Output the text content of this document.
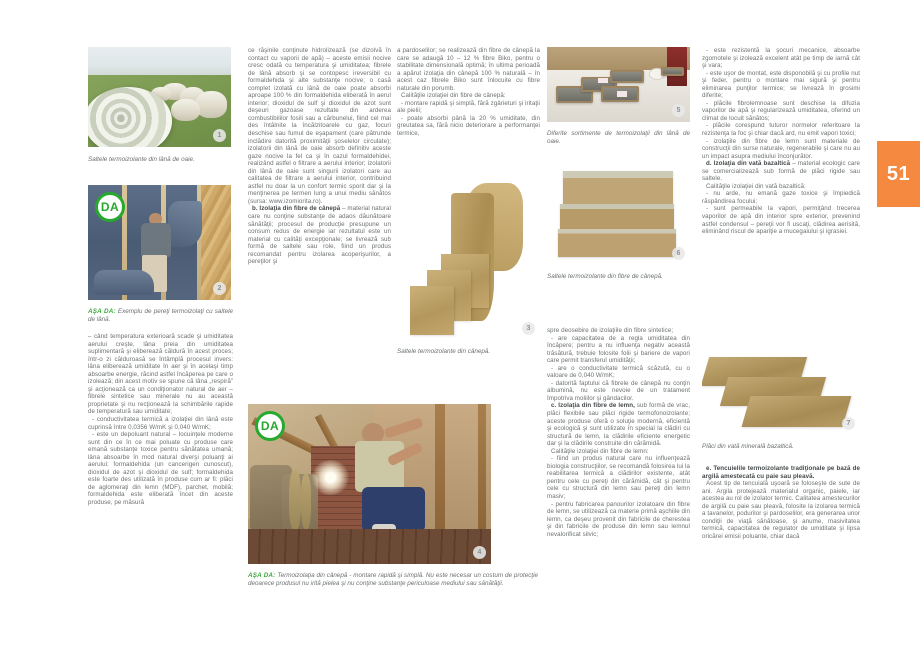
51
1
Saltele termoizolante din lână de oaie.
DA
2
AŞA DA: Exemplu de pereţi termoizolaţi cu saltele de lână.

– când temperatura exterioară scade şi umiditatea aerului creşte, lâna preia din umiditatea suplimentară şi eliberează căldură în acest proces; într-o zi călduroasă se întâmplă procesul invers: lâna eliberează umiditate în aer şi în acelaşi timp absoarbe energie, răcind astfel încăperea pe care o izolează; din acest motiv se spune că lâna „respiră” şi acţionează ca un condiţionator natural de aer – fibrele sintetice sau minerale nu au această proprietate şi nu recţionează la schimbările rapide de temperatură sau umiditate;

- conductivitatea termică a izolaţiei din lână este cuprinsă între 0,0356 W/mK şi 0,040 W/mK;

- este un depoluant natural – locuinţele moderne sunt din ce în ce mai poluate cu produse care emană substanţe toxice pentru sănătatea umană; lâna absoarbe în mod natural diverşi poluanţi ai aerului: formaldehida (un cancerigen cunoscut), dioxidul de azot şi dioxidul de sulf; formaldehida este foarte des utilizată în produse cum ar fi: plăci de aglomeraţi din lemn (MDF), parchet, mobilă; formaldehida este eliberată încet din aceste produse, pe măsură

ce răşinile conţinute hidrolizează (se dizolvă în contact cu vaporii de apă) – aceste emisii nocive cresc odată cu temperatura şi umiditatea; fibrele de lână absorb şi se contopesc ireversibil cu formaldehida şi alte substanţe nocive; o casă complet izolată cu lână de oaie poate absorbi aproape 100 % din formaldehida eliberată în aerul interior; dioxidul de sulf şi dioxidul de azot sunt deşeuri gazoase rezultate din arderea combustibililor fosili sau a cărbunelui, fiind cel mai des întâlnite la încălzitoarele cu gaz, focuri deschise sau fumul de eşapament (care pătrunde inclădire datorită proximităţii şoselelor circulate); izolatorii din lână de oaie absorb definitiv aceste gaze nocive la fel ca şi în cazul formaldehidei, realizând astfel o filtrare a aerului interior; izolatorii din lână de oaie sunt singurii izolatori care au calitatea de filtrare a aerului interior, contribuind astfel nu doar la un confort termic sporit dar şi la menţinerea pe termen lung a unui mediu sănătos (sursa: www.izomiorita.ro).

b. Izolaţia din fibre de cânepă – material natural care nu conţine substanţe de adaos dăunătoare sănătăţii; procesul de producţie presupune un consum redus de energie iar rezultatul este un material cu calităţi excepţionale; se livrează sub formă de saltele sau role, fiind un produs recomandat pentru izolarea acoperişurilor, a pereţilor şi

DA
4
AŞA DA: Termoizolaţia din cânepă - montare rapidă şi simplă. Nu este necesar un costum de protecţie deoarece produsul nu irită pielea şi nu conţine substanţe periculoase mediului sau sănătăţii.

a pardoselilor; se realizează din fibre de cânepă la care se adaugă 10 – 12 % fibre Biko, pentru o stabilitate dimensională optimă; în ultima perioadă a apărut izolaţia din cânepă 100 % naturală – în acest caz fibrele Biko sunt înlocuite cu fibre naturale din porumb.

Calităţile izolaţiei din fibre de cânepă:

- montare rapidă şi simplă, fără zgârieturi şi iritaţii ale pielii;

- poate absorbi până la 20 % umiditate, din greutatea sa, fără nicio deteriorare a performanţei termice,

3
Saltele termoizolante din cânepă.
5
Diferite sortimente de termoizolaţii din lână de oaie.
6
Saltele termoizolante din fibre de cânepă.

spre deosebire de izolaţiile din fibre sintetice;

- are capacitatea de a regla umiditatea din încăpere; pentru a nu influenţa negativ această trăsătură, trebuie folosite folii şi bariere de vapori care permit transferul umidităţii;

- are o conductivitate termică scăzută, cu o valoare de 0,040 W/mK;

- datorită faptului că fibrele de cânepă nu conţin albumină, nu este nevoie de un tratament împotriva moliilor şi gândacilor.

c. Izolaţia din fibre de lemn, sub formă de vrac, plăci flexibile sau plăci rigide termofonoizolante; aceste produse oferă o soluţie modernă, eficientă şi ecologică şi sunt utilizate în special la clădiri cu structură de lemn, la clădirile eficiente energetic dar şi la clădirile construite din cărămidă.

Calităţile izolaţiei din fibre de lemn:

- fiind un produs natural care nu influenţează biologia construcţiilor, se recomandă folosirea lui la reabilitarea termică a clădirilor existente, atât pentru cele cu pereţi din cărămidă, cât şi pentru cele cu structură din lemn sau pereţi din lemn masiv;

- pentru fabricarea panourilor izolatoare din fibre de lemn, se utilizează ca materie primă aşchiile din lemn, ca deşeu provenit din fabricile de cherestea şi din fabricile de produse din lemn sau lemnul nevalorificat silvic;

- este rezistentă la şocuri mecanice, absoarbe zgomotele şi izolează excelent atât pe timp de iarnă cât şi vara;

- este uşor de montat, este disponobilă şi cu profile nut şi feder, pentru o montare mai sigură şi pentru eliminarea punţilor termice; se livrează în grosimi diferite;

- plăcile fibrolemnoase sunt deschise la difuzia vaporilor de apă şi regularizează umiditatea, oferind un climat de locuit sănătos;

- plăcile corespund tuturor normelor referitoare la rezistenţa la foc şi chiar dacă ard, nu emit vapori toxici;

- izolaţiile din fibre de lemn sunt materiale de construcţii din surse naturale, regenerabile şi care nu au un impact asupra mediului înconjurător.

d. Izolaţia din vată bazaltică – material ecologic care se comercializează sub formă de plăci rigide sau saltele.

Calităţile izolaţiei din vată bazaltică:

- nu arde, nu emană gaze toxice şi împiedică răspândirea focului;

- sunt permeabile la vapori, permiţând trecerea vaporilor de apă din interior spre exterior, prevenind astfel condensul – pereţii vor fi uscaţi, clădirea aerisită, eliminând riscul de apariţie a mucegaiului şi igrasiei.

7
Plăci din vată minerală bazaltică.

e. Tencuielile termoizolante tradiţionale pe bază de argilă amestecată cu paie sau pleavă.

Acest tip de tencuială uşoară se foloseşte de sute de ani. Argila protejează materialul organic, paiele, iar acestea au rol de izolator termic. Calitatea amestecurilor de argilă cu paie sau pleavă, folosite la izolarea termică a tavanelor, podurilor şi pardoselilor, era generarea unor condiţii de viaţă sănătoase, şi anume, masivitatea termică, capacitatea de regulator de umiditate şi lipsa oricărei emisii poluante, chiar dacă
